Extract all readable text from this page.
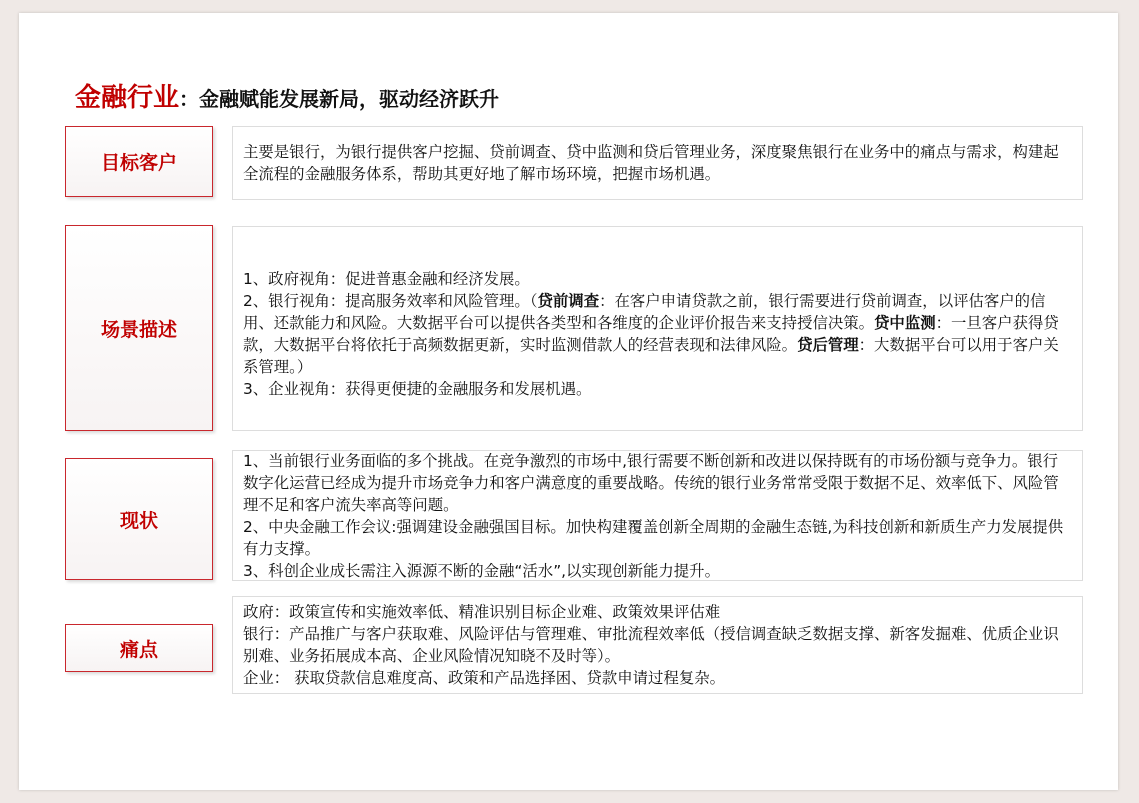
金融行业：金融赋能发展新局，驱动经济跃升
目标客户	主要是银行，为银行提供客户挖掘、贷前调查、贷中监测和贷后管理业务，深度聚焦银行在业务中的痛点与需求，构建起全流程的金融服务体系，帮助其更好地了解市场环境，把握市场机遇。

场景描述

1、政府视角：促进普惠金融和经济发展。

2、银行视角：提高服务效率和风险管理。（贷前调查：在客户申请贷款之前，银行需要进行贷前调查，以评估客户的信用、还款能力和风险。大数据平台可以提供各类型和各维度的企业评价报告来支持授信决策。贷中监测：一旦客户获得贷款，大数据平台将依托于高频数据更新，实时监测借款人的经营表现和法律风险。贷后管理：大数据平台可以用于客户关系管理。）

3、企业视角：获得更便捷的金融服务和发展机遇。

现状

1、当前银行业务面临的多个挑战。在竞争激烈的市场中,银行需要不断创新和改进以保持既有的市场份额与竞争力。银行数字化运营已经成为提升市场竞争力和客户满意度的重要战略。传统的银行业务常常受限于数据不足、效率低下、风险管理不足和客户流失率高等问题。

2、中央金融工作会议:强调建设金融强国目标。加快构建覆盖创新全周期的金融生态链,为科技创新和新质生产力发展提供有力支撑。

3、科创企业成长需注入源源不断的金融“活水”,以实现创新能力提升。

痛点

政府：政策宣传和实施效率低、精准识别目标企业难、政策效果评估难

银行：产品推广与客户获取难、风险评估与管理难、审批流程效率低（授信调查缺乏数据支撑、新客发掘难、优质企业识别难、业务拓展成本高、企业风险情况知晓不及时等）。

企业： 获取贷款信息难度高、政策和产品选择困、贷款申请过程复杂。
